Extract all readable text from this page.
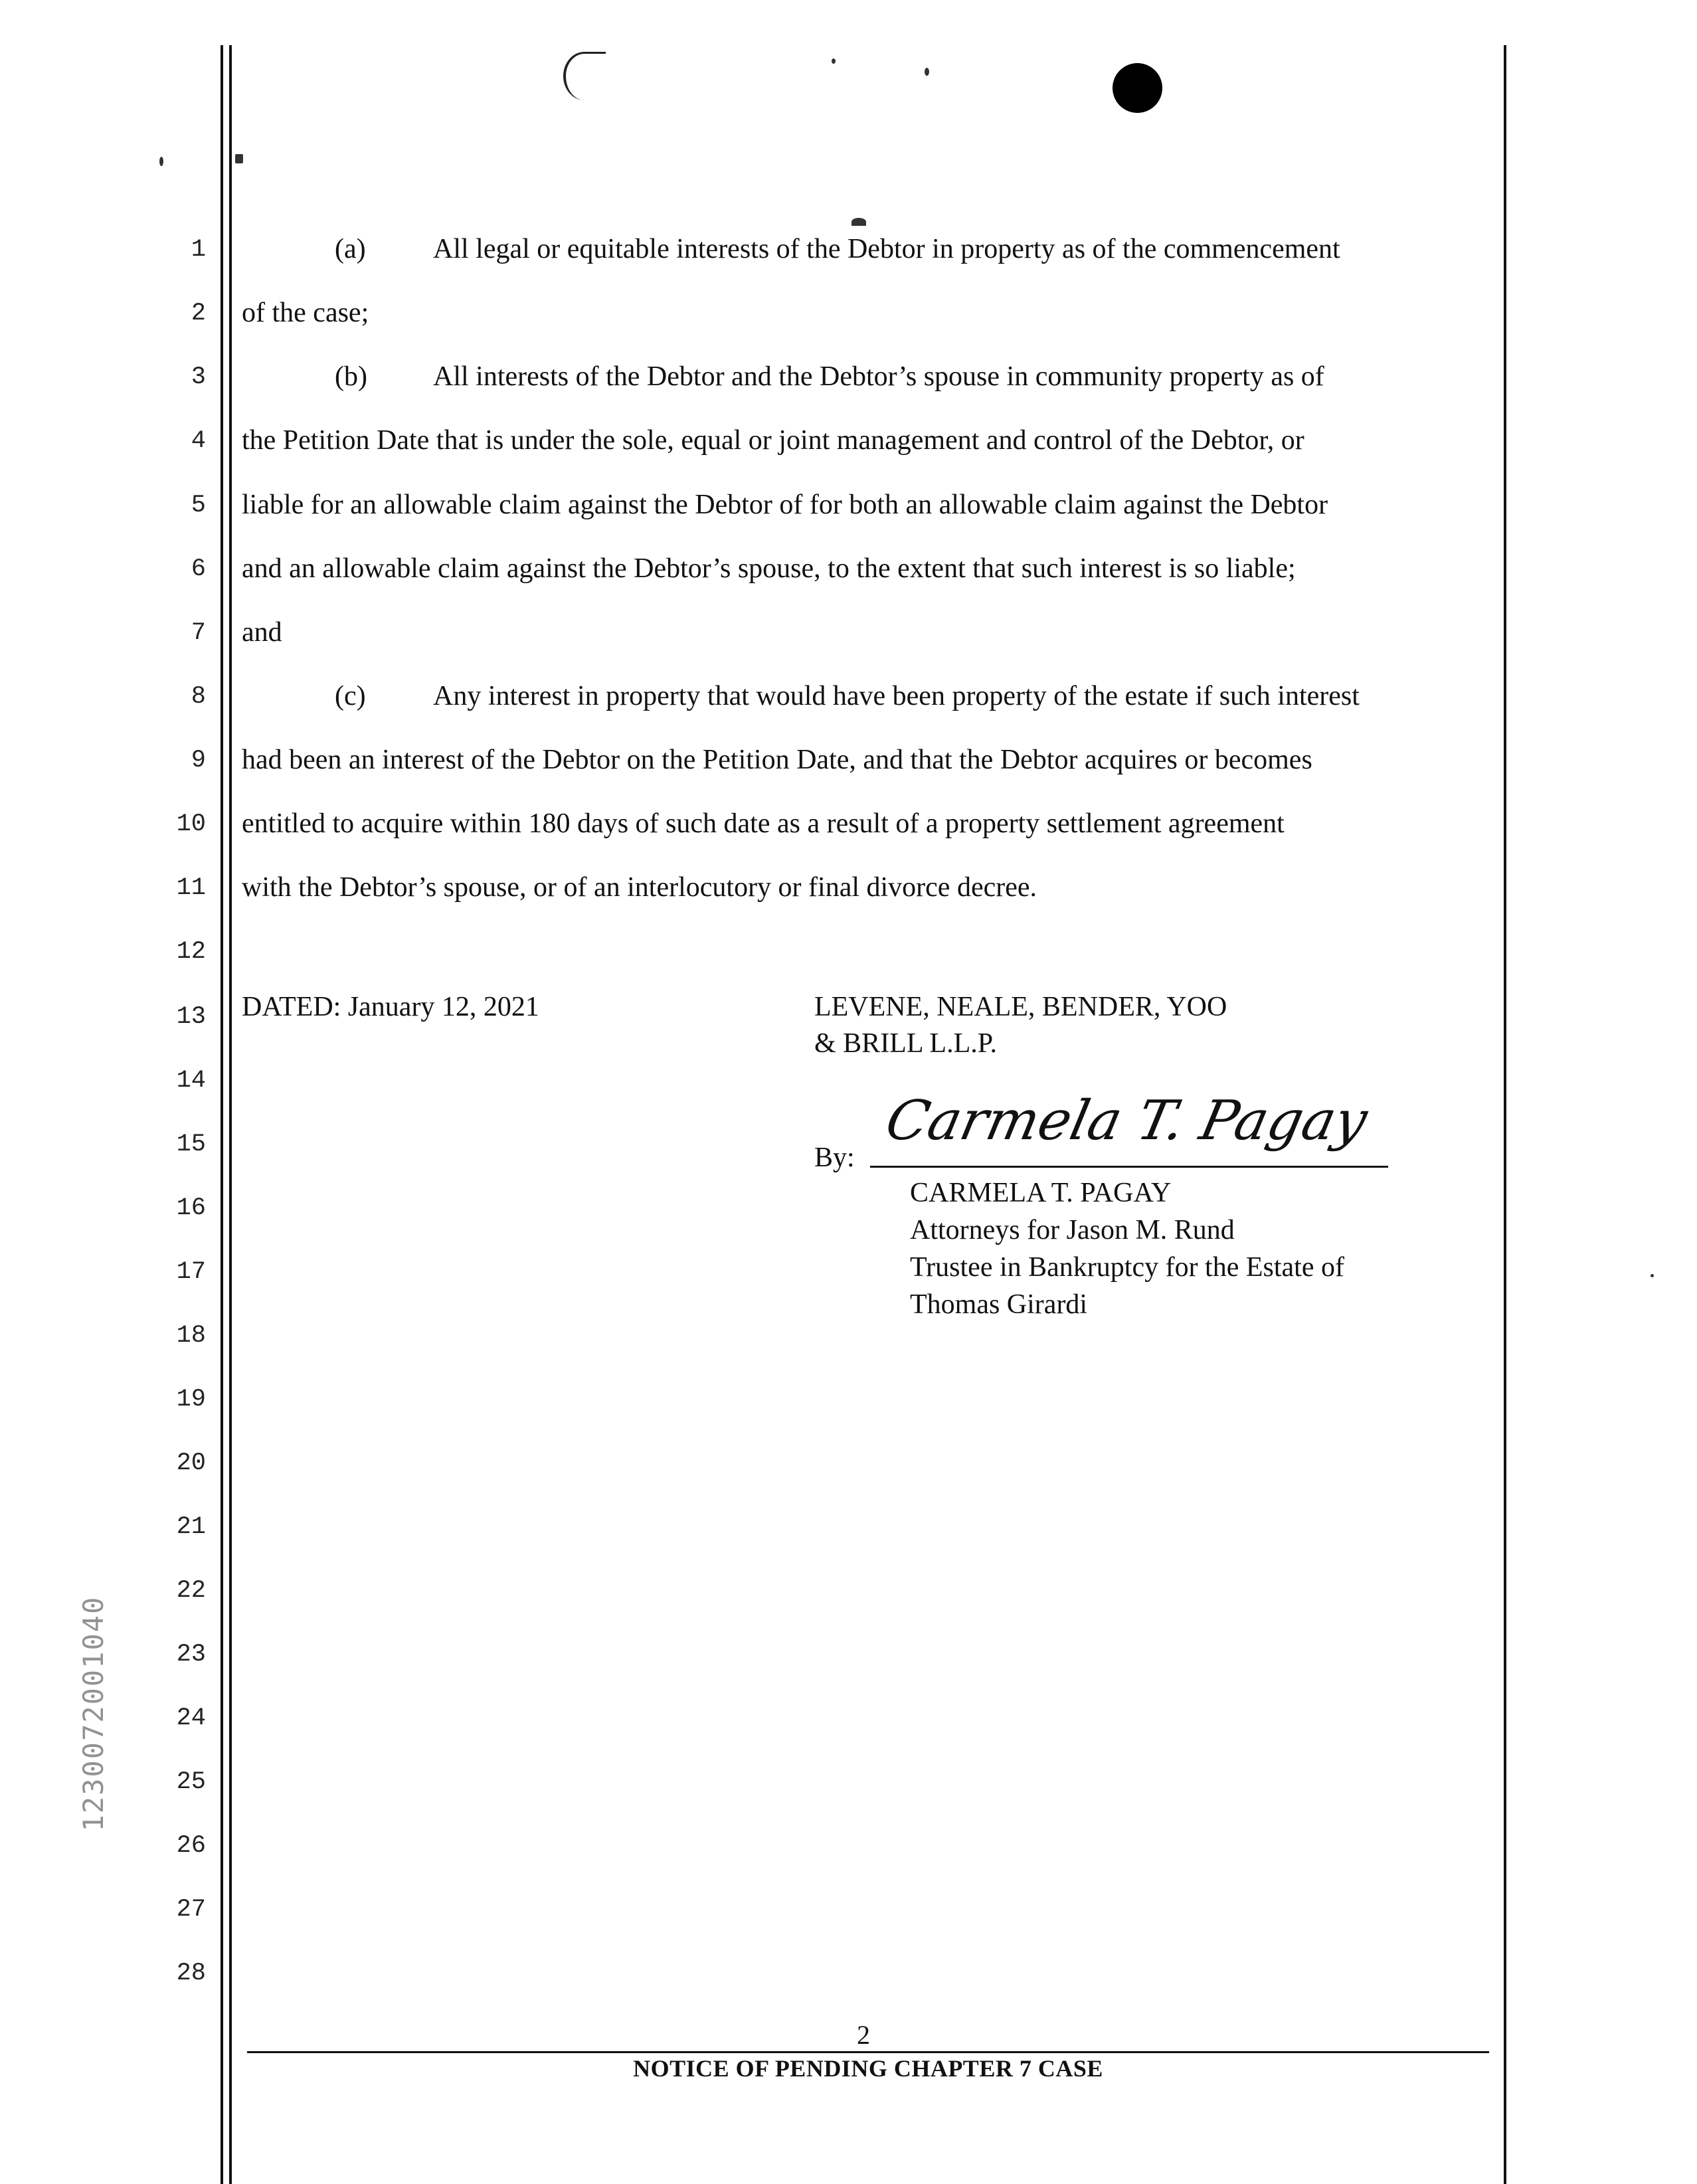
1230072001040
1
2
3
4
5
6
7
8
9
10
11
12
13
14
15
16
17
18
19
20
21
22
23
24
25
26
27
28
(a) All legal or equitable interests of the Debtor in property as of the commencement
of the case;
(b) All interests of the Debtor and the Debtor’s spouse in community property as of
the Petition Date that is under the sole, equal or joint management and control of the Debtor, or
liable for an allowable claim against the Debtor of for both an allowable claim against the Debtor
and an allowable claim against the Debtor’s spouse, to the extent that such interest is so liable;
and
(c) Any interest in property that would have been property of the estate if such interest
had been an interest of the Debtor on the Petition Date, and that the Debtor acquires or becomes
entitled to acquire within 180 days of such date as a result of a property settlement agreement
with the Debtor’s spouse, or of an interlocutory or final divorce decree.
DATED: January 12, 2021	LEVENE, NEALE, BENDER, YOO
& BRILL L.L.P.
Carmela T. Pagay
By:
CARMELA T. PAGAY
Attorneys for Jason M. Rund
Trustee in Bankruptcy for the Estate of
Thomas Girardi
2
NOTICE OF PENDING CHAPTER 7 CASE
